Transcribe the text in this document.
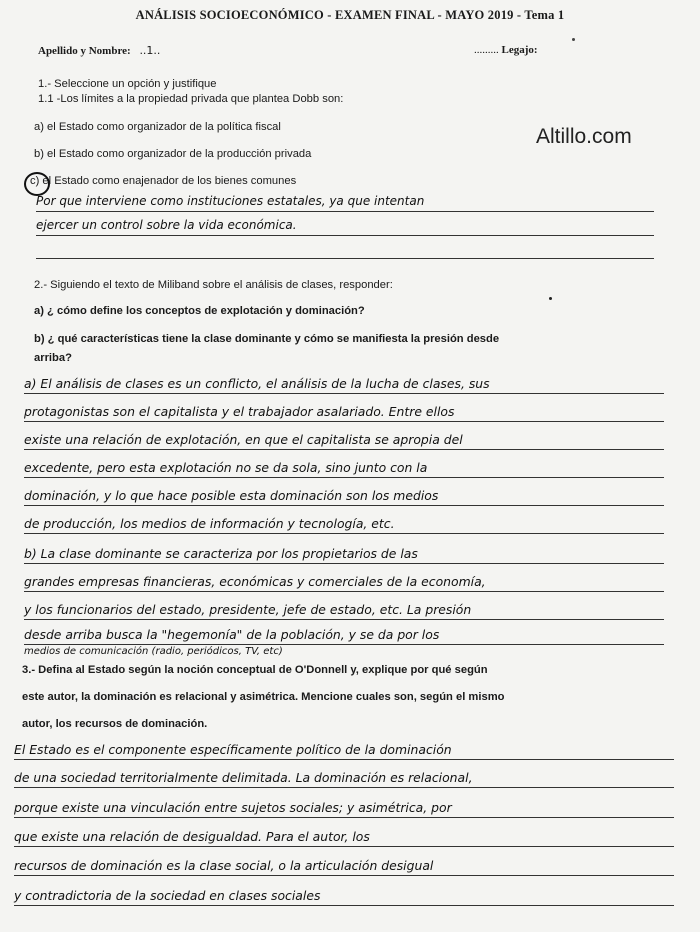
ANÁLISIS SOCIOECONÓMICO - EXAMEN FINAL - MAYO 2019 - Tema 1
Apellido y Nombre: ..1..	......... Legajo:
Altillo.com
1.- Seleccione un opción y justifique
1.1 -Los límites a la propiedad privada que plantea Dobb son:
a) el Estado como organizador de la política fiscal
b) el Estado como organizador de la producción privada
c) el Estado como enajenador de los bienes comunes
Por que interviene como instituciones estatales, ya que intentan
ejercer un control sobre la vida económica.
2.- Siguiendo el texto de Miliband sobre el análisis de clases, responder:
a) ¿ cómo define los conceptos de explotación y dominación?
b) ¿ qué características tiene la clase dominante y cómo se manifiesta la presión desde
arriba?
a) El análisis de clases es un conflicto, el análisis de la lucha de clases, sus
protagonistas son el capitalista y el trabajador asalariado. Entre ellos
existe una relación de explotación, en que el capitalista se apropia del
excedente, pero esta explotación no se da sola, sino junto con la
dominación, y lo que hace posible esta dominación son los medios
de producción, los medios de información y tecnología, etc.
b) La clase dominante se caracteriza por los propietarios de las
grandes empresas financieras, económicas y comerciales de la economía,
y los funcionarios del estado, presidente, jefe de estado, etc. La presión
desde arriba busca la "hegemonía" de la población, y se da por los
medios de comunicación (radio, periódicos, TV, etc)
3.- Defina al Estado según la noción conceptual de O'Donnell y, explique por qué según
este autor, la dominación es relacional y asimétrica. Mencione cuales son, según el mismo
autor, los recursos de dominación.
El Estado es el componente específicamente político de la dominación
de una sociedad territorialmente delimitada. La dominación es relacional,
porque existe una vinculación entre sujetos sociales; y asimétrica, por
que existe una relación de desigualdad. Para el autor, los
recursos de dominación es la clase social, o la articulación desigual
y contradictoria de la sociedad en clases sociales
